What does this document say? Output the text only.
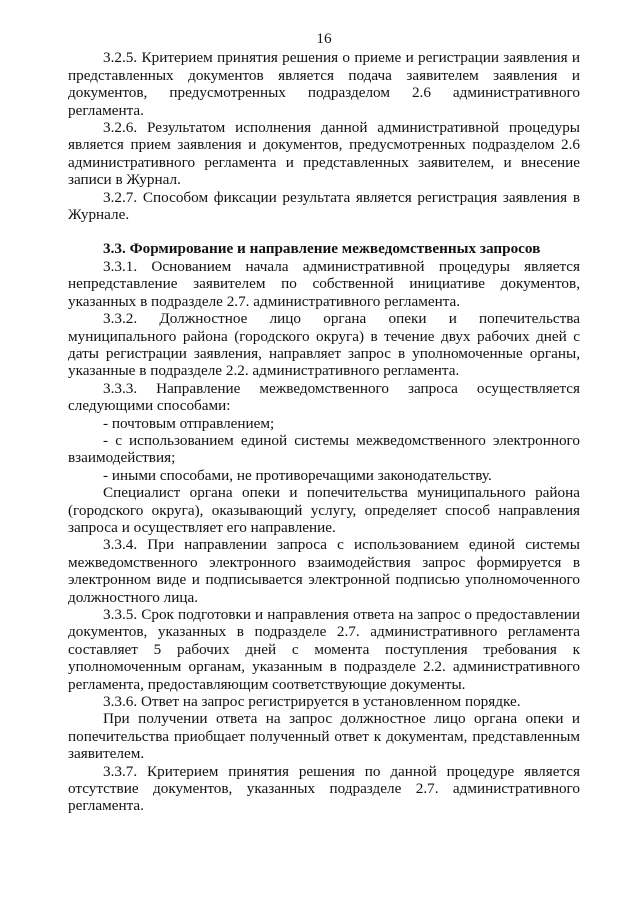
16

3.2.5. Критерием принятия решения о приеме и регистрации заявления и представленных документов является подача заявителем заявления и документов, предусмотренных подразделом 2.6 административного регламента.

3.2.6. Результатом исполнения данной административной процедуры является прием заявления и документов, предусмотренных подразделом 2.6 административного регламента и представленных заявителем, и внесение записи в Журнал.

3.2.7. Способом фиксации результата является регистрация заявления в Журнале.

3.3. Формирование и направление межведомственных запросов

3.3.1. Основанием начала административной процедуры является непредставление заявителем по собственной инициативе документов, указанных в подразделе 2.7. административного регламента.

3.3.2. Должностное лицо органа опеки и попечительства муниципального района (городского округа) в течение двух рабочих дней с даты регистрации заявления, направляет запрос в уполномоченные органы, указанные в подразделе 2.2. административного регламента.

3.3.3. Направление межведомственного запроса осуществляется следующими способами:

- почтовым отправлением;

- с использованием единой системы межведомственного электронного взаимодействия;

- иными способами, не противоречащими законодательству.

Специалист органа опеки и попечительства муниципального района (городского округа), оказывающий услугу, определяет способ направления запроса и осуществляет его направление.

3.3.4. При направлении запроса с использованием единой системы межведомственного электронного взаимодействия запрос формируется в электронном виде и подписывается электронной подписью уполномоченного должностного лица.

3.3.5. Срок подготовки и направления ответа на запрос о предоставлении документов, указанных в подразделе 2.7. административного регламента составляет 5 рабочих дней с момента поступления требования к уполномоченным органам, указанным в подразделе 2.2. административного регламента, предоставляющим соответствующие документы.

3.3.6. Ответ на запрос регистрируется в установленном порядке.

При получении ответа на запрос должностное лицо органа опеки и попечительства приобщает полученный ответ к документам, представленным заявителем.

3.3.7. Критерием принятия решения по данной процедуре является отсутствие документов, указанных подразделе 2.7. административного регламента.
